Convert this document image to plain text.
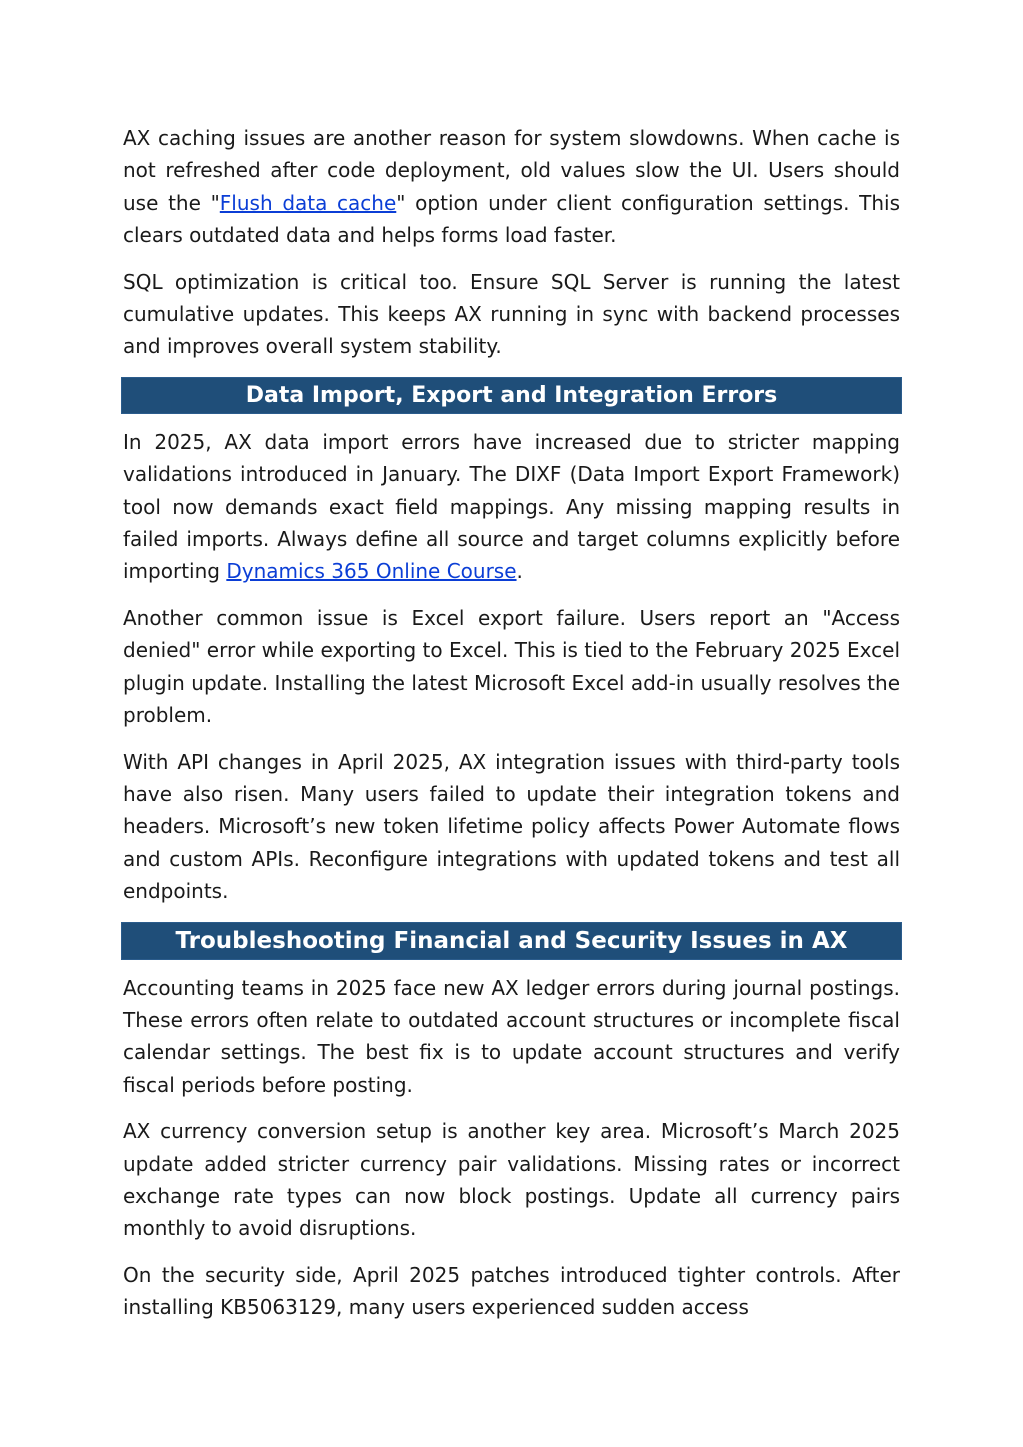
AX caching issues are another reason for system slowdowns. When cache is not refreshed after code deployment, old values slow the UI. Users should use the "Flush data cache" option under client configuration settings. This clears outdated data and helps forms load faster.

SQL optimization is critical too. Ensure SQL Server is running the latest cumulative updates. This keeps AX running in sync with backend processes and improves overall system stability.

Data Import, Export and Integration Errors

In 2025, AX data import errors have increased due to stricter mapping validations introduced in January. The DIXF (Data Import Export Framework) tool now demands exact field mappings. Any missing mapping results in failed imports. Always define all source and target columns explicitly before importing Dynamics 365 Online Course.

Another common issue is Excel export failure. Users report an "Access denied" error while exporting to Excel. This is tied to the February 2025 Excel plugin update. Installing the latest Microsoft Excel add-in usually resolves the problem.

With API changes in April 2025, AX integration issues with third-party tools have also risen. Many users failed to update their integration tokens and headers. Microsoft’s new token lifetime policy affects Power Automate flows and custom APIs. Reconfigure integrations with updated tokens and test all endpoints.

Troubleshooting Financial and Security Issues in AX

Accounting teams in 2025 face new AX ledger errors during journal postings. These errors often relate to outdated account structures or incomplete fiscal calendar settings. The best fix is to update account structures and verify fiscal periods before posting.

AX currency conversion setup is another key area. Microsoft’s March 2025 update added stricter currency pair validations. Missing rates or incorrect exchange rate types can now block postings. Update all currency pairs monthly to avoid disruptions.

On the security side, April 2025 patches introduced tighter controls. After installing KB5063129, many users experienced sudden access
